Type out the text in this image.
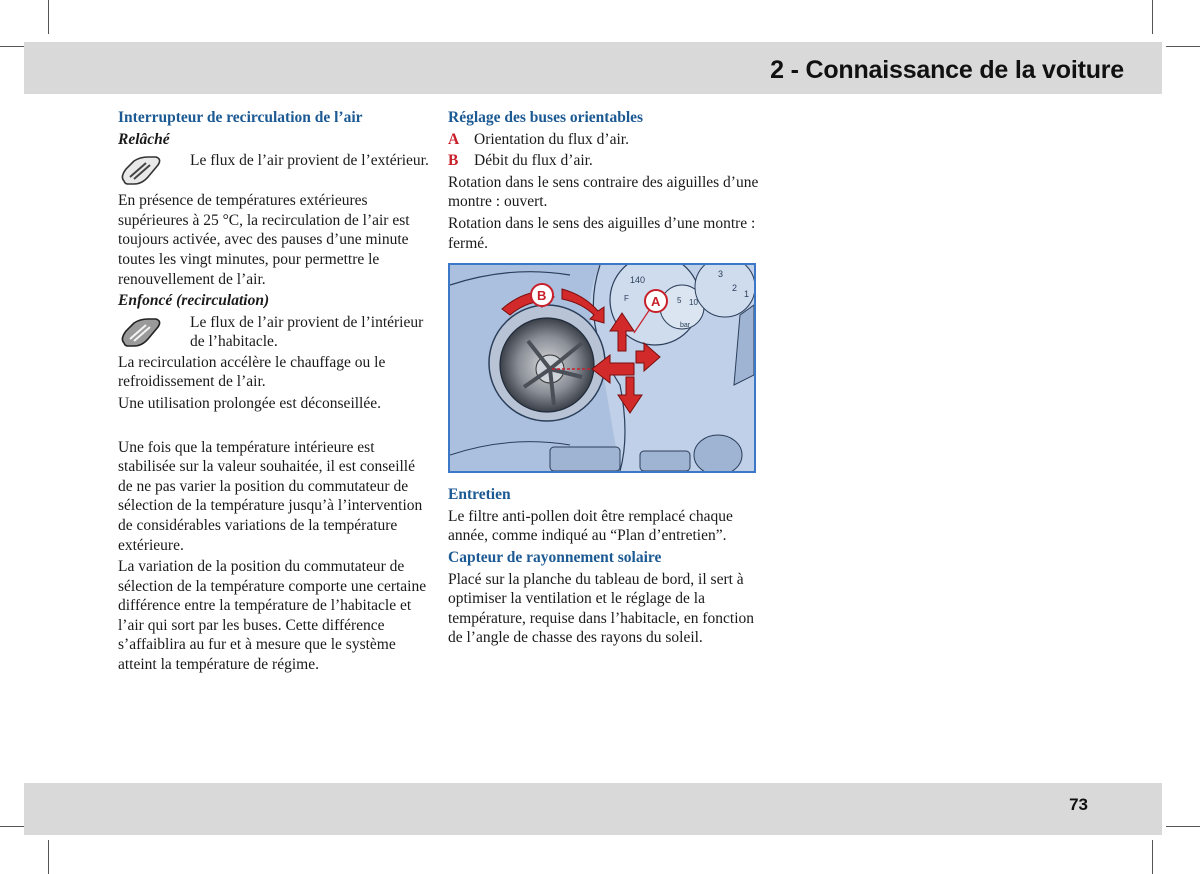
2 - Connaissance de la voiture
Interrupteur de recirculation de l’air
Relâché
Le flux de l’air provient de l’extérieur.

En présence de températures extérieures supérieures à 25 °C, la recirculation de l’air est toujours activée, avec des pauses d’une minute toutes les vingt minutes, pour permettre le renouvellement de l’air.

Enfoncé (recirculation)
Le flux de l’air provient de l’intérieur de l’habitacle.

La recirculation accélère le chauffage ou le refroidissement de l’air.

Une utilisation prolongée est déconseillée.

Une fois que la température intérieure est stabilisée sur la valeur souhaitée, il est conseillé de ne pas varier la position du commutateur de sélection de la température jusqu’à l’intervention de considérables variations de la température extérieure.

La variation de la position du commutateur de sélection de la température comporte une certaine différence entre la température de l’habitacle et l’air qui sort par les buses. Cette différence s’affaiblira au fur et à mesure que le système atteint la température de régime.

Réglage des buses orientables

A Orientation du flux d’air.

B Débit du flux d’air.

Rotation dans le sens contraire des aiguilles d’une montre : ouvert.

Rotation dans le sens des aiguilles d’une montre : fermé.

140
F	5 10
bar
3
2
1
B	A
Entretien

Le filtre anti-pollen doit être remplacé chaque année, comme indiqué au “Plan d’entretien”.

Capteur de rayonnement solaire

Placé sur la planche du tableau de bord, il sert à optimiser la ventilation et le réglage de la température, requise dans l’habitacle, en fonction de l’angle de chasse des rayons du soleil.

73
